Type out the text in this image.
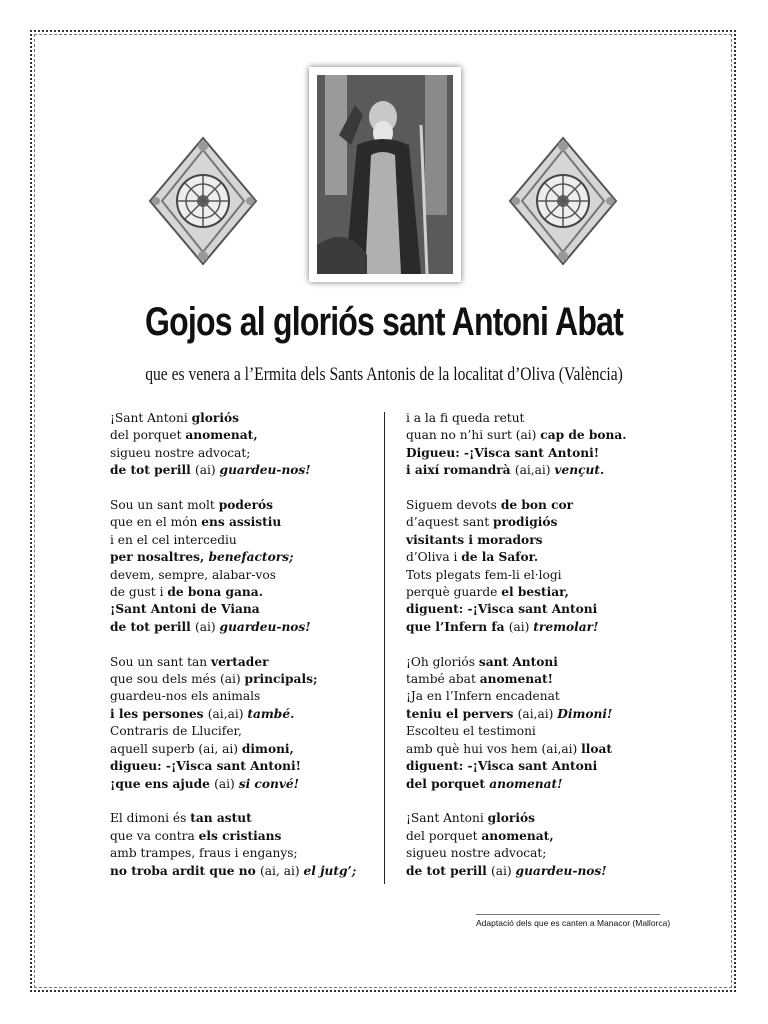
Gojos al gloriós sant Antoni Abat
que es venera a l’Ermita dels Sants Antonis de la localitat d’Oliva (València)
¡Sant Antoni gloriós
del porquet anomenat,
sigueu nostre advocat;
de tot perill (ai) guardeu-nos!
Sou un sant molt poderós
que en el món ens assistiu
i en el cel intercediu
per nosaltres, benefactors;
devem, sempre, alabar-vos
de gust i de bona gana.
¡Sant Antoni de Viana
de tot perill (ai) guardeu-nos!
Sou un sant tan vertader
que sou dels més (ai) principals;
guardeu-nos els animals
i les persones (ai,ai) també.
Contraris de Llucifer,
aquell superb (ai, ai) dimoni,
digueu: -¡Visca sant Antoni!
¡que ens ajude (ai) si convé!
El dimoni és tan astut
que va contra els cristians
amb trampes, fraus i enganys;
no troba ardit que no (ai, ai) el jutg’;
i a la fi queda retut
quan no n’hi surt (ai) cap de bona.
Digueu: -¡Visca sant Antoni!
i així romandrà (ai,ai) vençut.
Siguem devots de bon cor
d’aquest sant prodigiós
visitants i moradors
d’Oliva i de la Safor.
Tots plegats fem-li el·logi
perquè guarde el bestiar,
diguent: -¡Visca sant Antoni
que l’Infern fa (ai) tremolar!
¡Oh gloriós sant Antoni
també abat anomenat!
¡Ja en l’Infern encadenat
teniu el pervers (ai,ai) Dimoni!
Escolteu el testimoni
amb què hui vos hem (ai,ai) lloat
diguent: -¡Visca sant Antoni
del porquet anomenat!
¡Sant Antoni gloriós
del porquet anomenat,
sigueu nostre advocat;
de tot perill (ai) guardeu-nos!
Adaptació dels que es canten a Manacor (Mallorca)
